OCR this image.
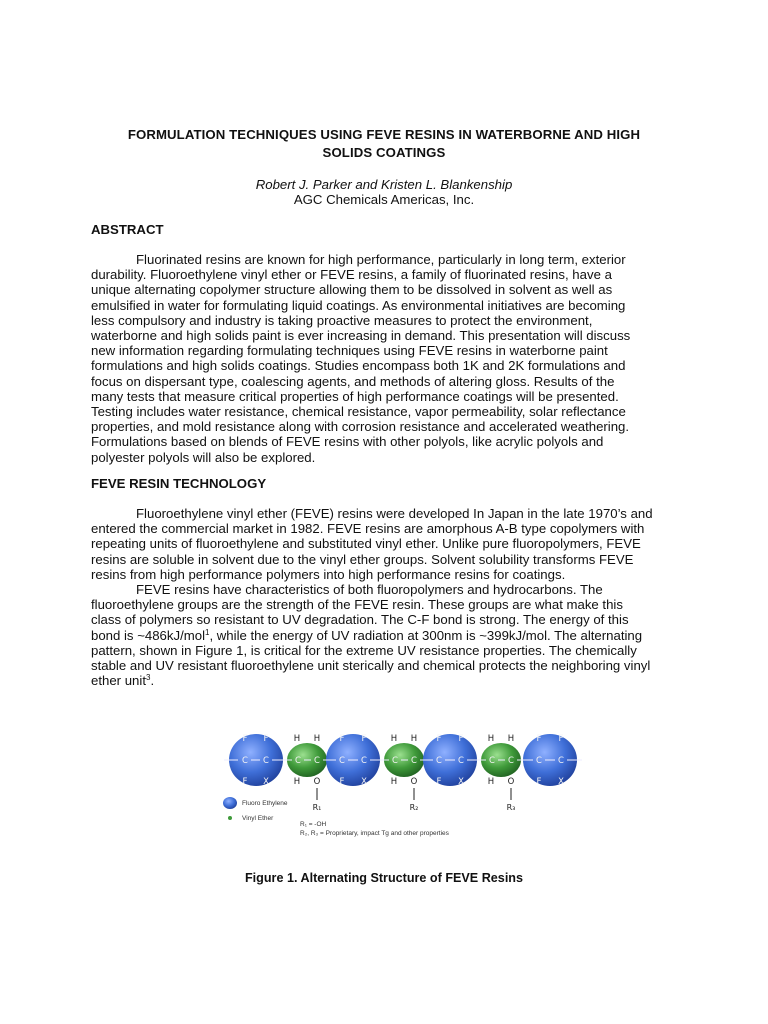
FORMULATION TECHNIQUES USING FEVE RESINS IN WATERBORNE AND HIGH
SOLIDS COATINGS
Robert J. Parker and Kristen L. Blankenship
AGC Chemicals Americas, Inc.
ABSTRACT
Fluorinated resins are known for high performance, particularly in long term, exterior
durability. Fluoroethylene vinyl ether or FEVE resins, a family of fluorinated resins, have a
unique alternating copolymer structure allowing them to be dissolved in solvent as well as
emulsified in water for formulating liquid coatings. As environmental initiatives are becoming
less compulsory and industry is taking proactive measures to protect the environment,
waterborne and high solids paint is ever increasing in demand. This presentation will discuss
new information regarding formulating techniques using FEVE resins in waterborne paint
formulations and high solids coatings. Studies encompass both 1K and 2K formulations and
focus on dispersant type, coalescing agents, and methods of altering gloss. Results of the
many tests that measure critical properties of high performance coatings will be presented.
Testing includes water resistance, chemical resistance, vapor permeability, solar reflectance
properties, and mold resistance along with corrosion resistance and accelerated weathering.
Formulations based on blends of FEVE resins with other polyols, like acrylic polyols and
polyester polyols will also be explored.
FEVE RESIN TECHNOLOGY
Fluoroethylene vinyl ether (FEVE) resins were developed In Japan in the late 1970’s and
entered the commercial market in 1982. FEVE resins are amorphous A-B type copolymers with
repeating units of fluoroethylene and substituted vinyl ether. Unlike pure fluoropolymers, FEVE
resins are soluble in solvent due to the vinyl ether groups. Solvent solubility transforms FEVE
resins from high performance polymers into high performance resins for coatings.
FEVE resins have characteristics of both fluoropolymers and hydrocarbons. The
fluoroethylene groups are the strength of the FEVE resin. These groups are what make this
class of polymers so resistant to UV degradation. The C-F bond is strong. The energy of this
bond is ~486kJ/mol$^1$, while the energy of UV radiation at 300nm is ~399kJ/mol. The alternating
pattern, shown in Figure 1, is critical for the extreme UV resistance properties. The chemically
stable and UV resistant fluoroethylene unit sterically and chemical protects the neighboring vinyl
ether unit$^3$.
F F
C C
F X
H H
C C
H O
F F
C C
F X
H H
C C
H O
F F
C C
F X
H H
C C
H O
F F
C C
F X
R₁	R₂	R₃
Fluoro Ethylene
Vinyl Ether
R₁ = -OH
R₂, R₃ = Proprietary, impact Tg and other properties
Figure 1. Alternating Structure of FEVE Resins
